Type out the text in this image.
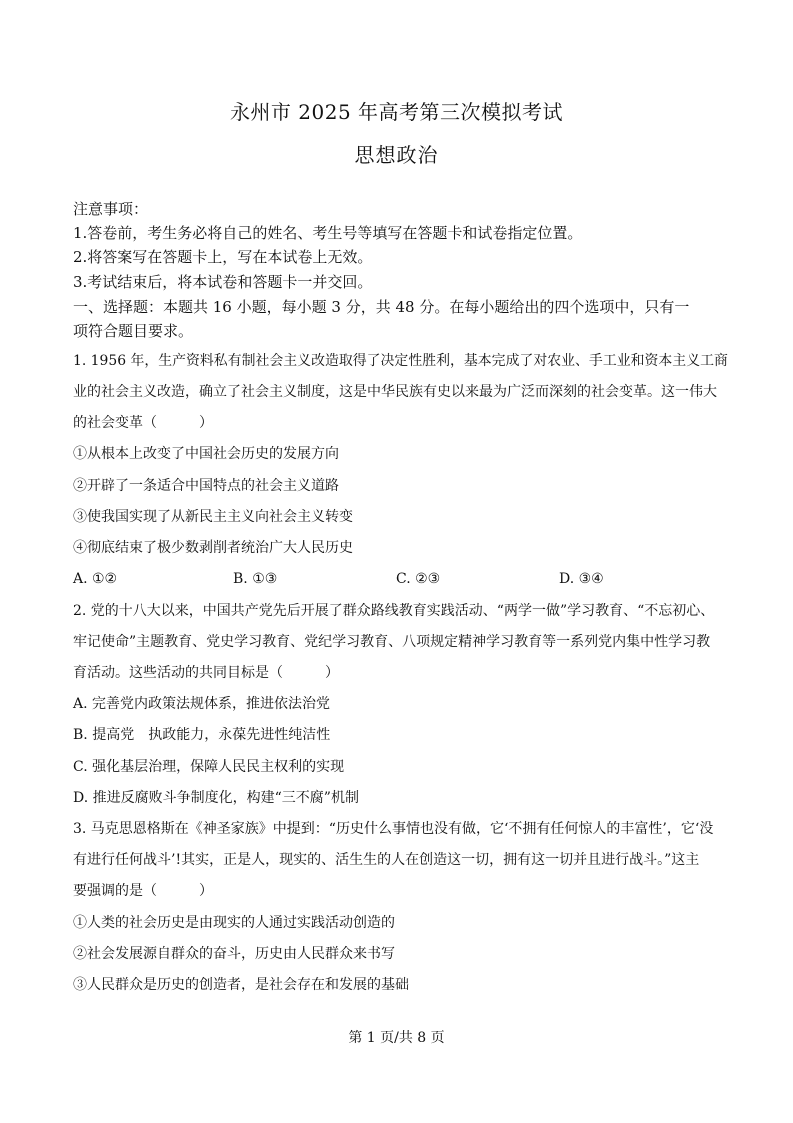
永州市 2025 年高考第三次模拟考试
思想政治
注意事项：
1.答卷前，考生务必将自己的姓名、考生号等填写在答题卡和试卷指定位置。
2.将答案写在答题卡上，写在本试卷上无效。
3.考试结束后，将本试卷和答题卡一并交回。
一、选择题：本题共 16 小题，每小题 3 分，共 48 分。在每小题给出的四个选项中，只有一
项符合题目要求。
1. 1956 年，生产资料私有制社会主义改造取得了决定性胜利，基本完成了对农业、手工业和资本主义工商
业的社会主义改造，确立了社会主义制度，这是中华民族有史以来最为广泛而深刻的社会变革。这一伟大
的社会变革（　　　）
①从根本上改变了中国社会历史的发展方向
②开辟了一条适合中国特点的社会主义道路
③使我国实现了从新民主主义向社会主义转变
④彻底结束了极少数剥削者统治广大人民历史
A. ①②	B. ①③	C. ②③	D. ③④
2. 党的十八大以来，中国共产党先后开展了群众路线教育实践活动、“两学一做”学习教育、“不忘初心、
牢记使命”主题教育、党史学习教育、党纪学习教育、八项规定精神学习教育等一系列党内集中性学习教
育活动。这些活动的共同目标是（　　　）
A. 完善党内政策法规体系，推进依法治党
B. 提高党　执政能力，永葆先进性纯洁性
C. 强化基层治理，保障人民民主权利的实现
D. 推进反腐败斗争制度化，构建“三不腐”机制
3. 马克思恩格斯在《神圣家族》中提到：“历史什么事情也没有做，它‘不拥有任何惊人的丰富性’，它‘没
有进行任何战斗’!其实，正是人，现实的、活生生的人在创造这一切，拥有这一切并且进行战斗。”这主
要强调的是（　　　）
①人类的社会历史是由现实的人通过实践活动创造的
②社会发展源自群众的奋斗，历史由人民群众来书写
③人民群众是历史的创造者，是社会存在和发展的基础
第 1 页/共 8 页
